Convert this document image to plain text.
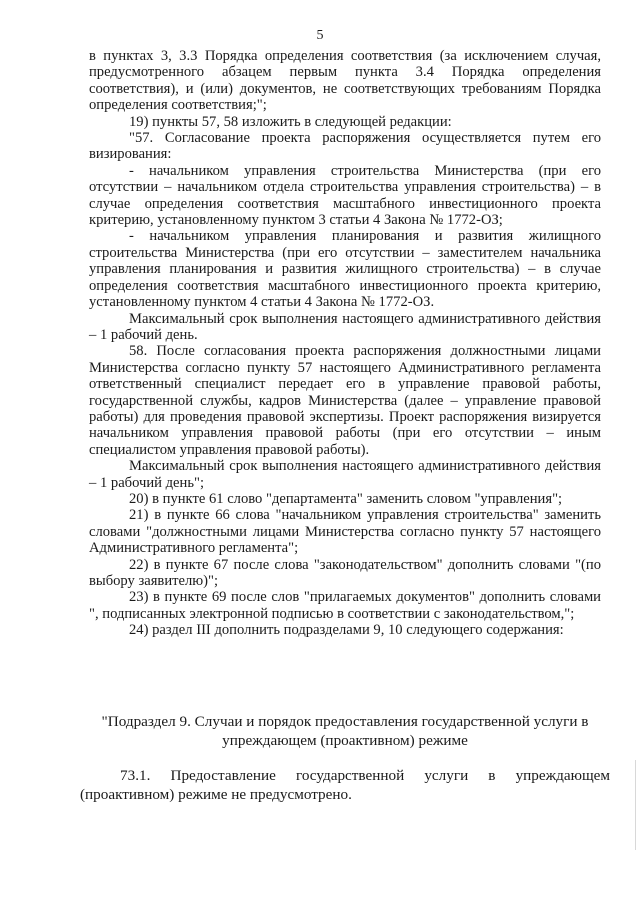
5

в пунктах 3, 3.3 Порядка определения соответствия (за исключением случая, предусмотренного абзацем первым пункта 3.4 Порядка определения соответствия), и (или) документов, не соответствующих требованиям Порядка определения соответствия;";

19) пункты 57, 58 изложить в следующей редакции:

"57. Согласование проекта распоряжения осуществляется путем его визирования:

- начальником управления строительства Министерства (при его отсутствии – начальником отдела строительства управления строительства) – в случае определения соответствия масштабного инвестиционного проекта критерию, установленному пунктом 3 статьи 4 Закона № 1772-ОЗ;

- начальником управления планирования и развития жилищного строительства Министерства (при его отсутствии – заместителем начальника управления планирования и развития жилищного строительства) – в случае определения соответствия масштабного инвестиционного проекта критерию, установленному пунктом 4 статьи 4 Закона № 1772-ОЗ.

Максимальный срок выполнения настоящего административного действия – 1 рабочий день.

58. После согласования проекта распоряжения должностными лицами Министерства согласно пункту 57 настоящего Административного регламента ответственный специалист передает его в управление правовой работы, государственной службы, кадров Министерства (далее – управление правовой работы) для проведения правовой экспертизы. Проект распоряжения визируется начальником управления правовой работы (при его отсутствии – иным специалистом управления правовой работы).

Максимальный срок выполнения настоящего административного действия – 1 рабочий день";

20) в пункте 61 слово "департамента" заменить словом "управления";

21) в пункте 66 слова "начальником управления строительства" заменить словами "должностными лицами Министерства согласно пункту 57 настоящего Административного регламента";

22) в пункте 67 после слова "законодательством" дополнить словами "(по выбору заявителю)";

23) в пункте 69 после слов "прилагаемых документов" дополнить словами ", подписанных электронной подписью в соответствии с законодательством,";

24) раздел III дополнить подразделами 9, 10 следующего содержания:

"Подраздел 9. Случаи и порядок предоставления государственной услуги в упреждающем (проактивном) режиме

73.1. Предоставление государственной услуги в упреждающем (проактивном) режиме не предусмотрено.
